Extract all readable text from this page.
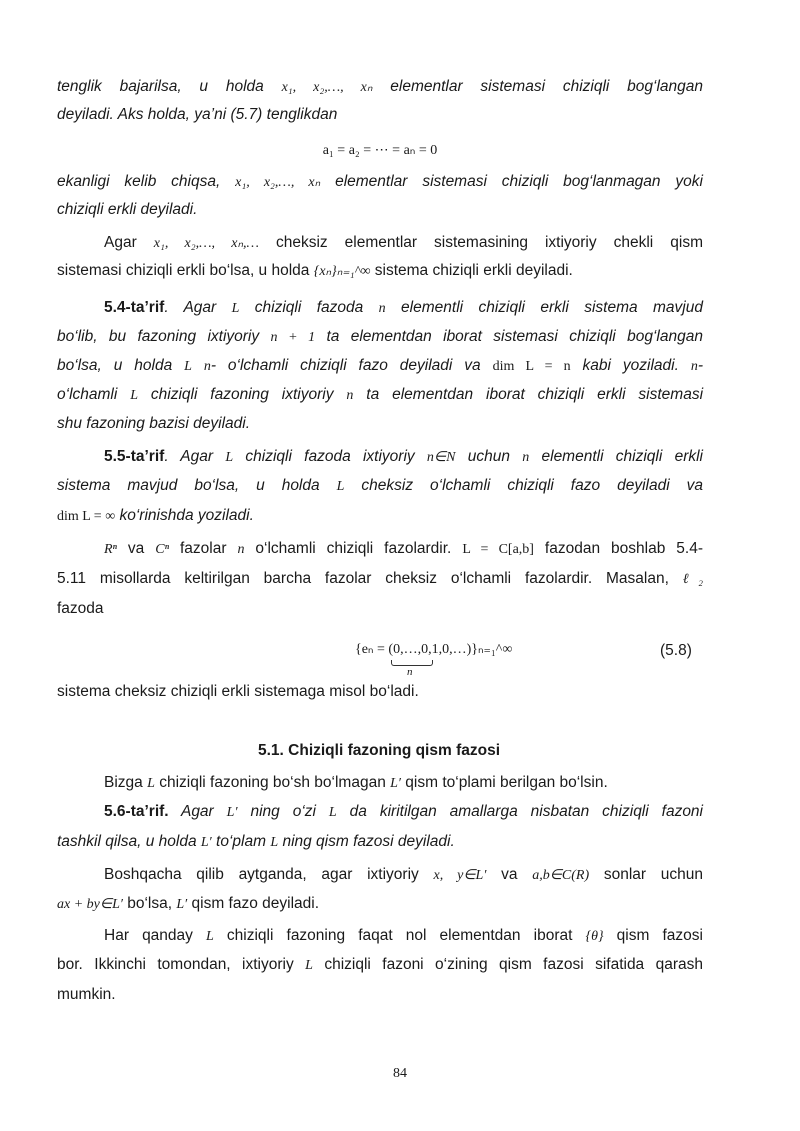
tenglik bajarilsa, u holda x₁, x₂,…, xₙ elementlar sistemasi chiziqli bog‘langan
deyiladi. Aks holda, ya’ni (5.7) tenglikdan
a₁ = a₂ = ⋯ = aₙ = 0
ekanligi kelib chiqsa, x₁, x₂,…, xₙ elementlar sistemasi chiziqli bog‘lanmagan yoki
chiziqli erkli deyiladi.
Agar x₁, x₂,…, xₙ,… cheksiz elementlar sistemasining ixtiyoriy chekli qism
sistemasi chiziqli erkli bo‘lsa, u holda {xₙ}ₙ₌₁^∞ sistema chiziqli erkli deyiladi.
5.4-ta’rif. Agar L chiziqli fazoda n elementli chiziqli erkli sistema mavjud
bo‘lib, bu fazoning ixtiyoriy n + 1 ta elementdan iborat sistemasi chiziqli bog‘langan
bo‘lsa, u holda L n- o‘lchamli chiziqli fazo deyiladi va dim L = n kabi yoziladi. n-
o‘lchamli L chiziqli fazoning ixtiyoriy n ta elementdan iborat chiziqli erkli sistemasi
shu fazoning bazisi deyiladi.
5.5-ta’rif. Agar L chiziqli fazoda ixtiyoriy n∈N uchun n elementli chiziqli erkli
sistema mavjud bo‘lsa, u holda L cheksiz o‘lchamli chiziqli fazo deyiladi va
dim L = ∞ ko‘rinishda yoziladi.
Rⁿ va Cⁿ fazolar n o‘lchamli chiziqli fazolardir. L = C[a,b] fazodan boshlab 5.4-
5.11 misollarda keltirilgan barcha fazolar cheksiz o‘lchamli fazolardir. Masalan, ℓ₂
fazoda
{eₙ = (0,…,0,1,0,…)}ₙ₌₁^∞
n
(5.8)
sistema cheksiz chiziqli erkli sistemaga misol bo‘ladi.
5.1. Chiziqli fazoning qism fazosi
Bizga L chiziqli fazoning bo‘sh bo‘lmagan L′ qism to‘plami berilgan bo‘lsin.
5.6-ta’rif. Agar L′ ning o‘zi L da kiritilgan amallarga nisbatan chiziqli fazoni
tashkil qilsa, u holda L′ to‘plam L ning qism fazosi deyiladi.
Boshqacha qilib aytganda, agar ixtiyoriy x, y∈L′ va a,b∈C(R) sonlar uchun
ax + by∈L′ bo‘lsa, L′ qism fazo deyiladi.
Har qanday L chiziqli fazoning faqat nol elementdan iborat {θ} qism fazosi
bor. Ikkinchi tomondan, ixtiyoriy L chiziqli fazoni o‘zining qism fazosi sifatida qarash
mumkin.
84
